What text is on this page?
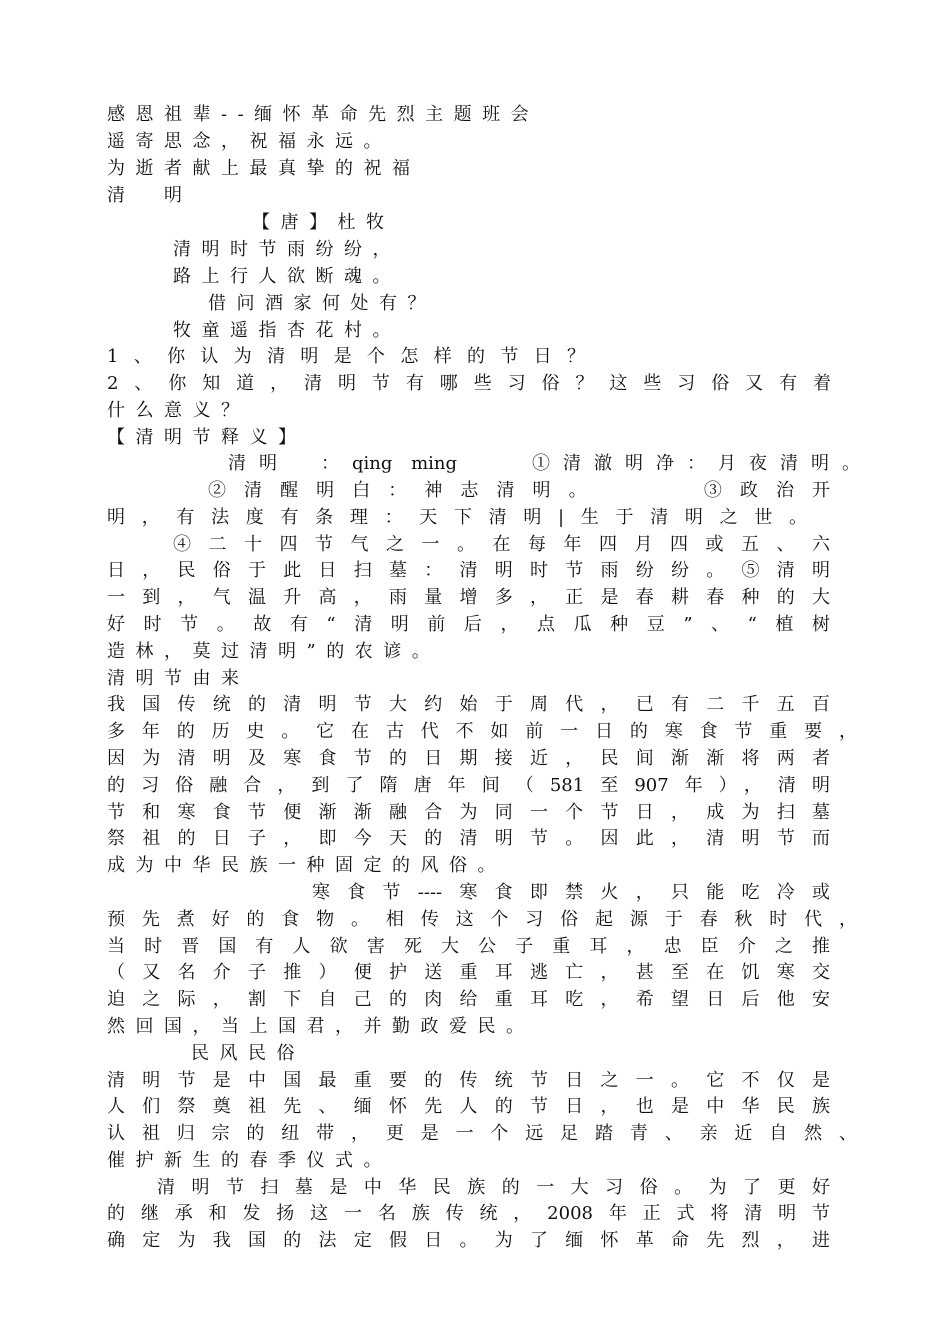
感恩祖辈--缅怀革命先烈主题班会

遥寄思念，祝福永远。

为逝者献上最真挚的祝福

清　明

【唐】杜牧

清明时节雨纷纷，

路上行人欲断魂。

借问酒家何处有？

牧童遥指杏花村。

1、你认为清明是个怎样的节日？

2、你知道，清明节有哪些习俗？这些习俗又有着

什么意义？

【清明节释义】

清明　：qing ming　　①清澈明净：月夜清明。

②清醒明白：神志清明。　　　③政治开

明，有法度有条理：天下清明|生于清明之世。

④二十四节气之一。在每年四月四或五、六

日，民俗于此日扫墓：清明时节雨纷纷。⑤清明

一到，气温升高，雨量增多，正是春耕春种的大

好时节。故有“清明前后，点瓜种豆”、“植树

造林，莫过清明”的农谚。

清明节由来

我国传统的清明节大约始于周代，已有二千五百

多年的历史。它在古代不如前一日的寒食节重要，

因为清明及寒食节的日期接近，民间渐渐将两者

的习俗融合，到了隋唐年间（581至907年），清明

节和寒食节便渐渐融合为同一个节日，成为扫墓

祭祖的日子，即今天的清明节。因此，清明节而

成为中华民族一种固定的风俗。

寒食节----寒食即禁火，只能吃冷或

预先煮好的食物。相传这个习俗起源于春秋时代，

当时晋国有人欲害死大公子重耳，忠臣介之推

（又名介子推）便护送重耳逃亡，甚至在饥寒交

迫之际，割下自己的肉给重耳吃，希望日后他安

然回国，当上国君，并勤政爱民。

民风民俗

清明节是中国最重要的传统节日之一。它不仅是

人们祭奠祖先、缅怀先人的节日，也是中华民族

认祖归宗的纽带，更是一个远足踏青、亲近自然、

催护新生的春季仪式。

清明节扫墓是中华民族的一大习俗。为了更好

的继承和发扬这一名族传统，2008年正式将清明节

确定为我国的法定假日。为了缅怀革命先烈，进
